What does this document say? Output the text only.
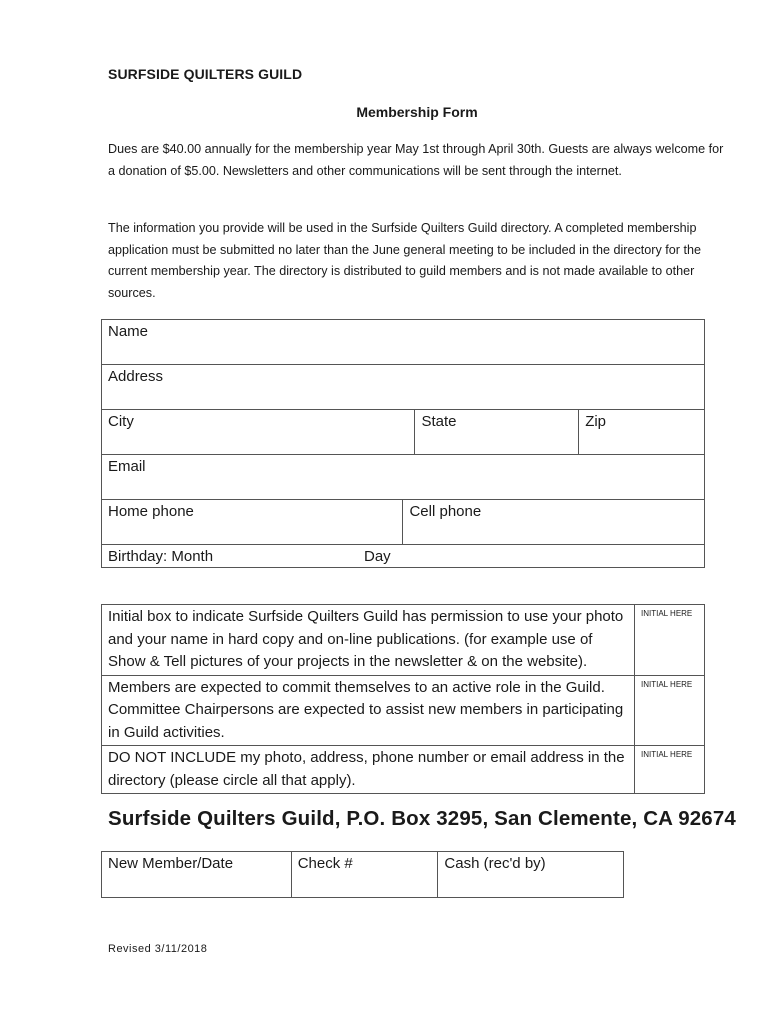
SURFSIDE QUILTERS GUILD
Membership Form
Dues are $40.00 annually for the membership year May 1st through April 30th. Guests are always welcome for a donation of $5.00. Newsletters and other communications will be sent through the internet.
The information you provide will be used in the Surfside Quilters Guild directory. A completed membership application must be submitted no later than the June general meeting to be included in the directory for the current membership year. The directory is distributed to guild members and is not made available to other sources.
Name			
Address			
City		State	Zip
Email			
Home phone	Cell phone		
Birthday: Month Day			
Initial box to indicate Surfside Quilters Guild has permission to use your photo and your name in hard copy and on-line publications. (for example use of Show & Tell pictures of your projects in the newsletter & on the website).	INITIAL HERE
Members are expected to commit themselves to an active role in the Guild. Committee Chairpersons are expected to assist new members in participating in Guild activities.	INITIAL HERE
DO NOT INCLUDE my photo, address, phone number or email address in the directory (please circle all that apply).	INITIAL HERE
Surfside Quilters Guild, P.O. Box 3295, San Clemente, CA 92674
New Member/Date	Check #	Cash (rec'd by)
Revised 3/11/2018
